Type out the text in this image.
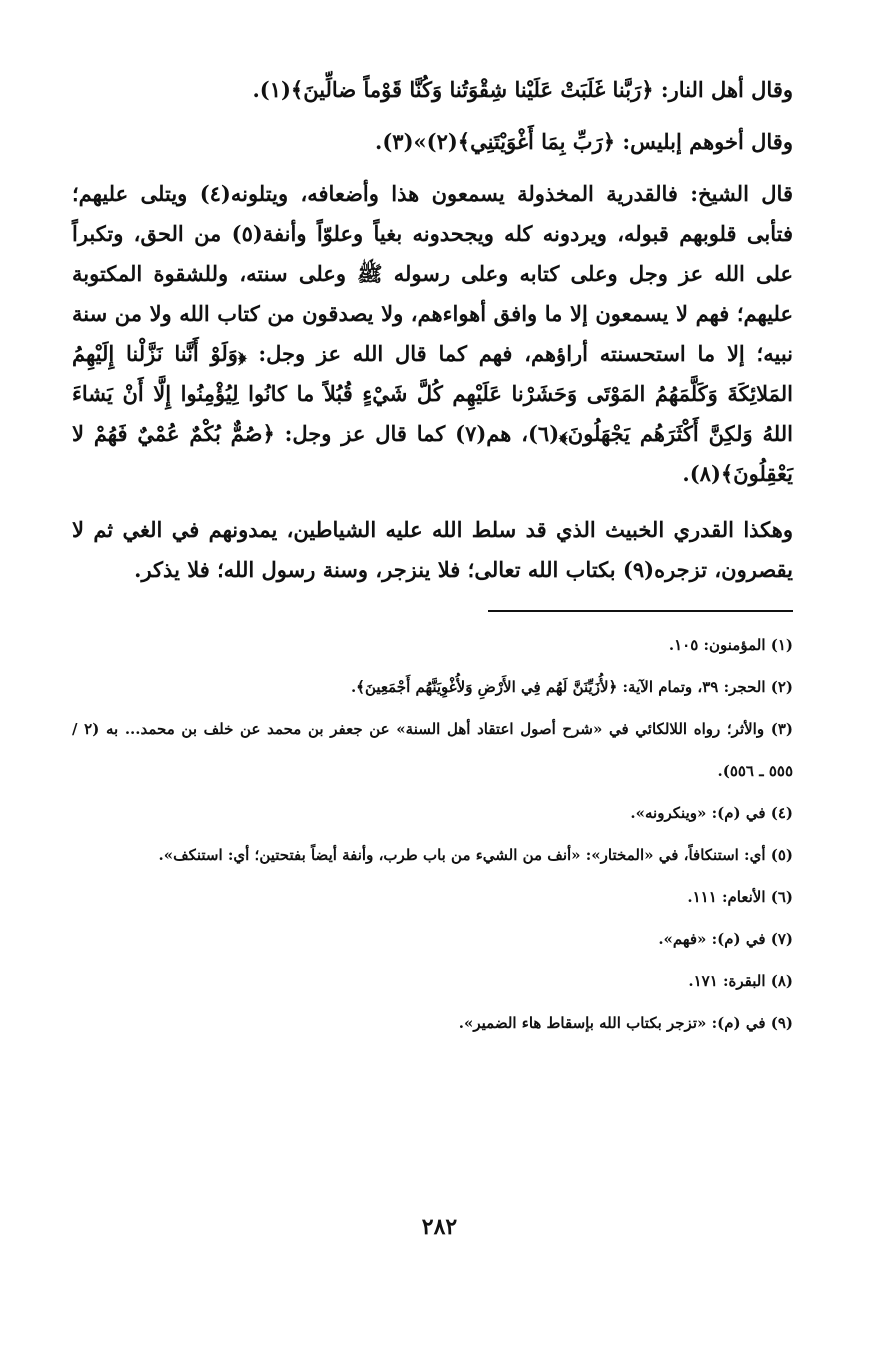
وقال أهل النار: ﴿رَبَّنا غَلَبَتْ عَلَيْنا شِقْوَتُنا وَكُنَّا قَوْماً ضالِّينَ﴾(١).

وقال أخوهم إبليس: ﴿رَبِّ بِمَا أَغْوَيْتَنِي﴾(٢)»(٣).

قال الشيخ: فالقدرية المخذولة يسمعون هذا وأضعافه، ويتلونه(٤) ويتلى عليهم؛ فتأبى قلوبهم قبوله، ويردونه كله ويجحدونه بغياً وعلوّاً وأنفة(٥) من الحق، وتكبراً على الله عز وجل وعلى كتابه وعلى رسوله ﷺ وعلى سنته، وللشقوة المكتوبة عليهم؛ فهم لا يسمعون إلا ما وافق أهواءهم، ولا يصدقون من كتاب الله ولا من سنة نبيه؛ إلا ما استحسنته أراؤهم، فهم كما قال الله عز وجل: ﴿وَلَوْ أَنَّنا نَزَّلْنا إِلَيْهِمُ المَلائِكَةَ وَكَلَّمَهُمُ المَوْتَى وَحَشَرْنا عَلَيْهِم كُلَّ شَيْءٍ قُبُلاً ما كانُوا لِيُؤْمِنُوا إِلَّا أَنْ يَشاءَ اللهُ وَلكِنَّ أَكْثَرَهُم يَجْهَلُونَ﴾(٦)، هم(٧) كما قال عز وجل: ﴿صُمٌّ بُكْمٌ عُمْيٌ فَهُمْ لا يَعْقِلُونَ﴾(٨).

وهكذا القدري الخبيث الذي قد سلط الله عليه الشياطين، يمدونهم في الغي ثم لا يقصرون، تزجره(٩) بكتاب الله تعالى؛ فلا ينزجر، وسنة رسول الله؛ فلا يذكر.

(١) المؤمنون: ١٠٥.

(٢) الحجر: ٣٩، وتمام الآية: ﴿لأُزَيِّنَنَّ لَهُم فِي الأَرْضِ وَلأُغْوِيَنَّهُم أَجْمَعِينَ﴾.

(٣) والأثر؛ رواه اللالكائي في «شرح أصول اعتقاد أهل السنة» عن جعفر بن محمد عن خلف بن محمد... به (٢ / ٥٥٥ ـ ٥٥٦).

(٤) في (م): «وينكرونه».

(٥) أي: استنكافاً، في «المختار»: «أنف من الشيء من باب طرب، وأنفة أيضاً بفتحتين؛ أي: استنكف».

(٦) الأنعام: ١١١.

(٧) في (م): «فهم».

(٨) البقرة: ١٧١.

(٩) في (م): «تزجر بكتاب الله بإسقاط هاء الضمير».

٢٨٢
